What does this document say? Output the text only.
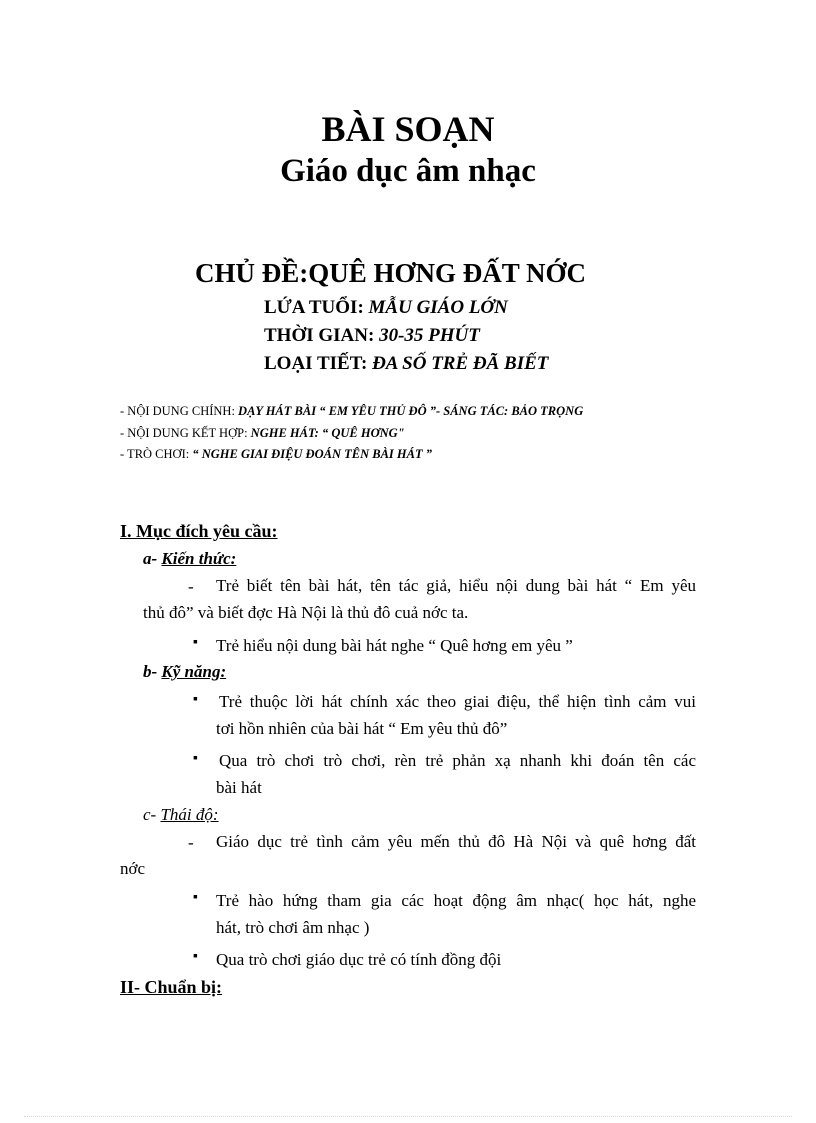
BÀI SOẠN
Giáo dục âm nhạc
CHỦ ĐỀ:QUÊ HƠNG ĐẤT NỚC
LỨA TUỔI: MẪU GIÁO LỚN
THỜI GIAN: 30-35 PHÚT
LOẠI TIẾT: ĐA SỐ TRẺ ĐÃ BIẾT
- NỘI DUNG CHÍNH: DẠY HÁT BÀI “ EM YÊU THỦ ĐÔ ”- SÁNG TÁC: BẢO TRỌNG
- NỘI DUNG KẾT HỢP: NGHE HÁT: “ QUÊ HƠNG"
- TRÒ CHƠI: “ NGHE GIAI ĐIỆU ĐOÁN TÊN BÀI HÁT ”
I. Mục đích yêu cầu:
a- Kiến thức:
- Trẻ biết tên bài hát, tên tác giả, hiểu nội dung bài hát “ Em yêu
thủ đô” và biết đợc Hà Nội là thủ đô cuả nớc ta.
▪ Trẻ hiểu nội dung bài hát nghe “ Quê hơng em yêu ”
b- Kỹ năng:
▪ Trẻ thuộc lời hát chính xác theo giai điệu, thể hiện tình cảm vui
tơi hồn nhiên của bài hát “ Em yêu thủ đô”
▪ Qua trò chơi trò chơi, rèn trẻ phản xạ nhanh khi đoán tên các
bài hát
c- Thái độ:
- Giáo dục trẻ tình cảm yêu mến thủ đô Hà Nội và quê hơng đất
nớc
▪ Trẻ hào hứng tham gia các hoạt động âm nhạc( học hát, nghe
hát, trò chơi âm nhạc )
▪ Qua trò chơi giáo dục trẻ có tính đồng đội
II- Chuẩn bị:
